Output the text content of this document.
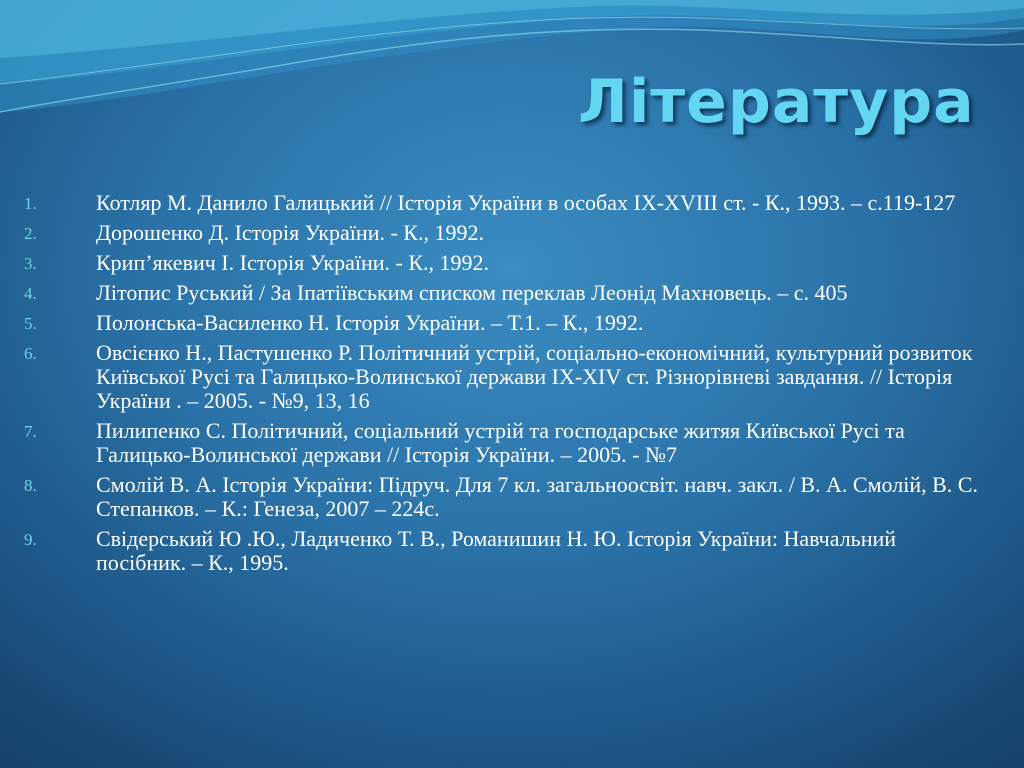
Література
1.	Котляр М. Данило Галицький // Історія України в особах IX-XVIII ст. - К., 1993. – с.119-127
2.	Дорошенко Д. Історія України. - К., 1992.
3.	Крип’якевич І. Історія України. - К., 1992.
4.	Літопис Руський / За Іпатіївським списком переклав Леонід Махновець. – с. 405
5.	Полонська-Василенко Н. Історія України. – Т.1. – К., 1992.
6.	Овсієнко Н., Пастушенко Р. Політичний устрій, соціально-економічний, культурний розвиток Київської Русі та Галицько-Волинської держави IX-XIV ст. Різнорівневі завдання. // Історія України . – 2005. - №9, 13, 16
7.	Пилипенко С. Політичний, соціальний устрій та господарське житяя Київської Русі та Галицько-Волинської держави // Історія України. – 2005. - №7
8.	Смолій В. А. Історія України: Підруч. Для 7 кл. загальноосвіт. навч. закл. / В. А. Смолій, В. С. Степанков. – К.: Генеза, 2007 – 224с.
9.	Свідерський Ю .Ю., Ладиченко Т. В., Романишин Н. Ю. Історія України: Навчальний посібник. – К., 1995.
